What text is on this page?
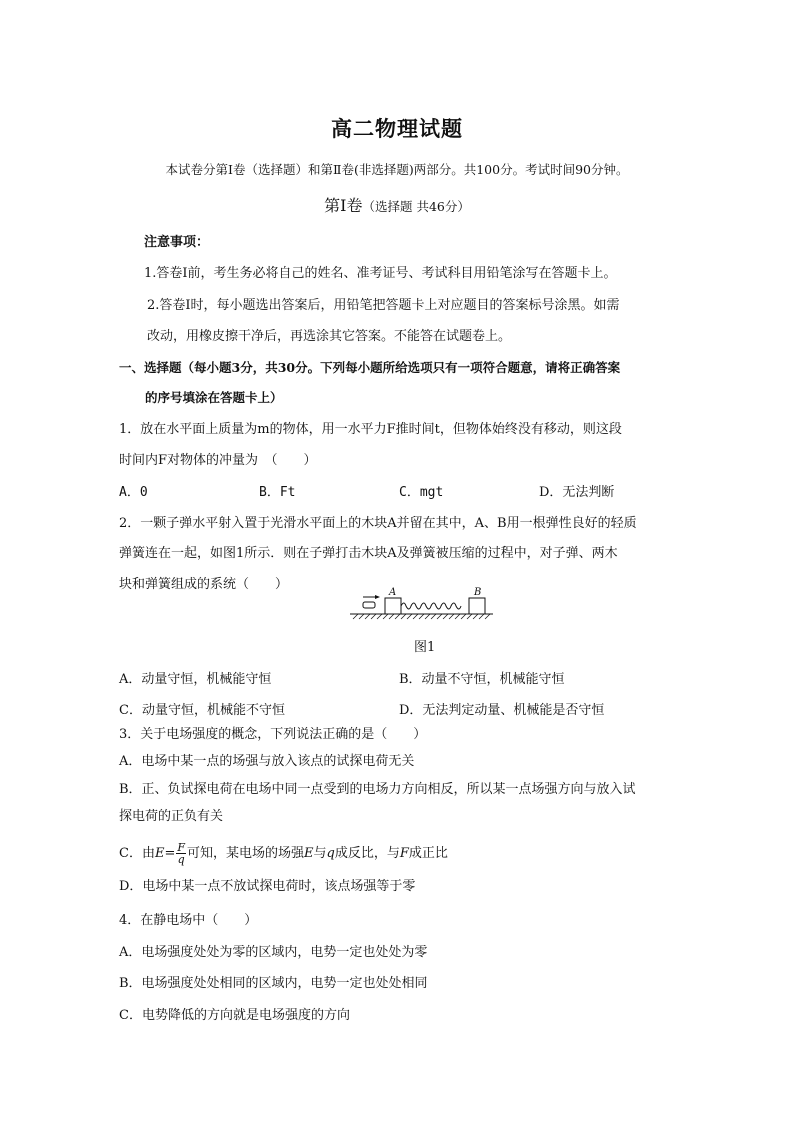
高二物理试题
本试卷分第Ⅰ卷（选择题）和第Ⅱ卷(非选择题)两部分。共100分。考试时间90分钟。
第Ⅰ卷（选择题 共46分）
注意事项：
1.答卷Ⅰ前，考生务必将自己的姓名、准考证号、考试科目用铅笔涂写在答题卡上。
2.答卷Ⅰ时，每小题选出答案后，用铅笔把答题卡上对应题目的答案标号涂黑。如需
改动，用橡皮擦干净后，再选涂其它答案。不能答在试题卷上。
一、选择题（每小题3分，共30分。下列每小题所给选项只有一项符合题意，请将正确答案
的序号填涂在答题卡上）
1．放在水平面上质量为m的物体，用一水平力F推时间t，但物体始终没有移动，则这段
时间内F对物体的冲量为　（　　）
A．0	B．Ft	C．mgt	D．无法判断
2．一颗子弹水平射入置于光滑水平面上的木块A并留在其中，A、B用一根弹性良好的轻质
弹簧连在一起，如图1所示．则在子弹打击木块A及弹簧被压缩的过程中，对子弹、两木
块和弹簧组成的系统（　　）
A	B
图1
A．动量守恒，机械能守恒	B．动量不守恒，机械能守恒
C．动量守恒，机械能不守恒	D．无法判定动量、机械能是否守恒
3．关于电场强度的概念，下列说法正确的是（　　）
A．电场中某一点的场强与放入该点的试探电荷无关
B．正、负试探电荷在电场中同一点受到的电场力方向相反，所以某一点场强方向与放入试
探电荷的正负有关
C．由$E= \frac{F}{q}$ 可知，某电场的场强E与q成反比，与F成正比
D．电场中某一点不放试探电荷时，该点场强等于零
4．在静电场中（　　）
A．电场强度处处为零的区域内，电势一定也处处为零
B．电场强度处处相同的区域内，电势一定也处处相同
C．电势降低的方向就是电场强度的方向
